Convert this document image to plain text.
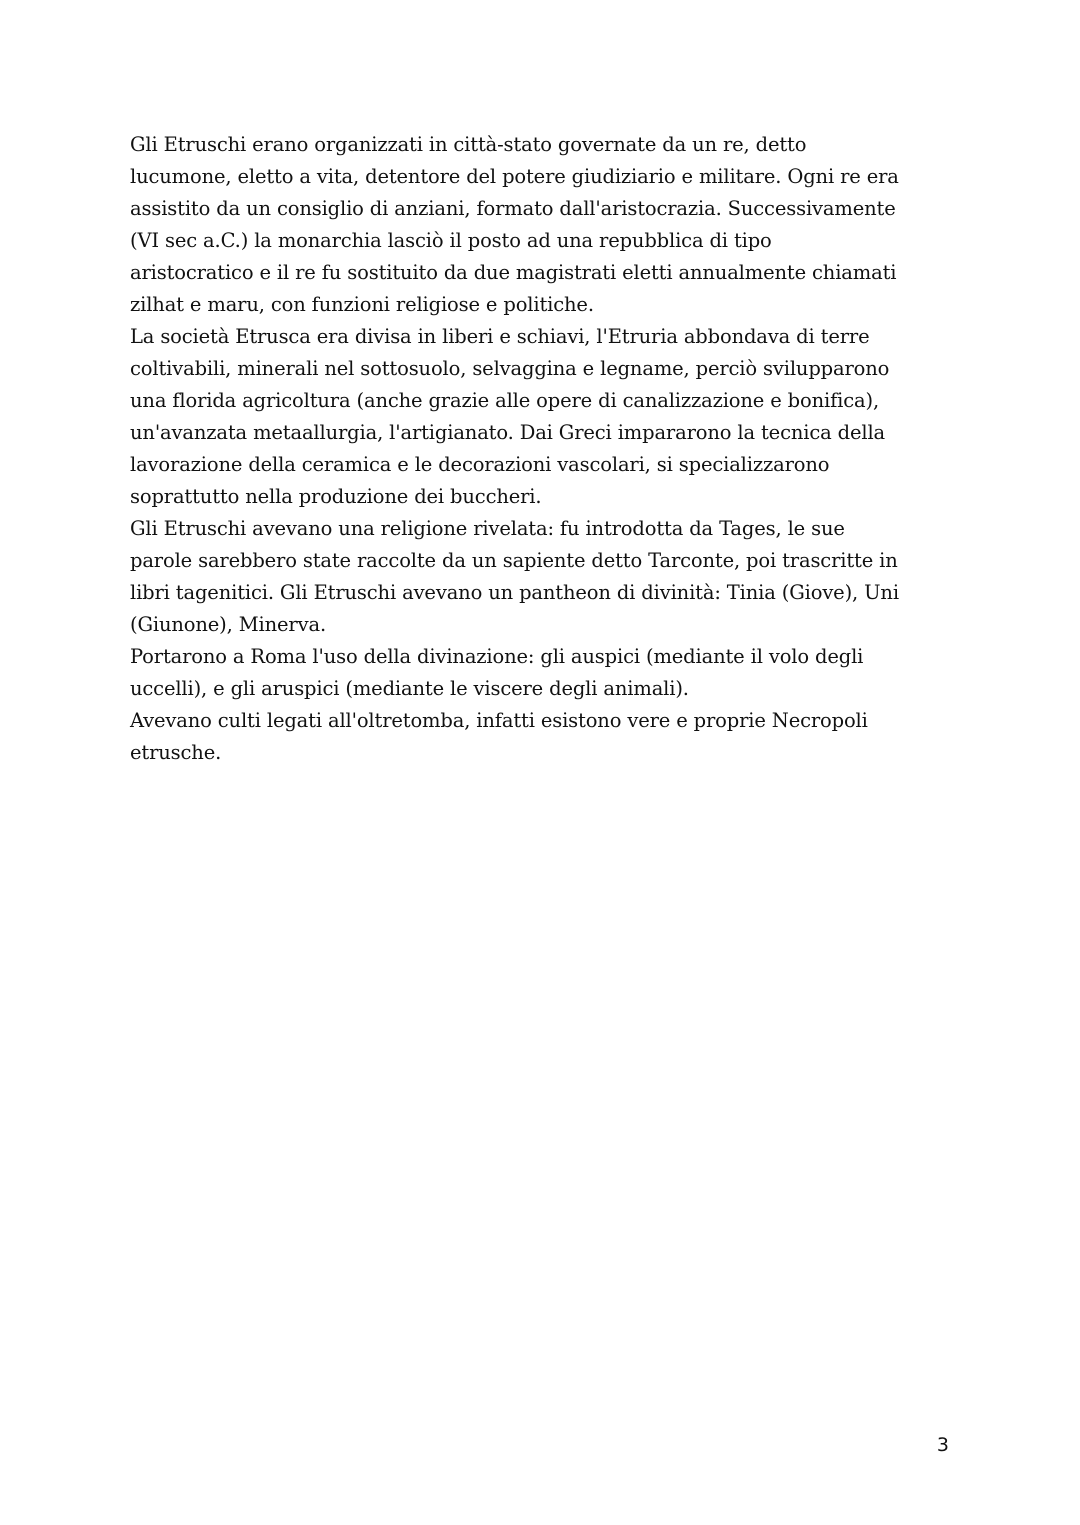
Gli Etruschi erano organizzati in città-stato governate da un re, detto
lucumone, eletto a vita, detentore del potere giudiziario e militare. Ogni re era
assistito da un consiglio di anziani, formato dall'aristocrazia. Successivamente
(VI sec a.C.) la monarchia lasciò il posto ad una repubblica di tipo
aristocratico e il re fu sostituito da due magistrati eletti annualmente chiamati
zilhat e maru, con funzioni religiose e politiche.
La società Etrusca era divisa in liberi e schiavi, l'Etruria abbondava di terre
coltivabili, minerali nel sottosuolo, selvaggina e legname, perciò svilupparono
una florida agricoltura (anche grazie alle opere di canalizzazione e bonifica),
un'avanzata metaallurgia, l'artigianato. Dai Greci impararono la tecnica della
lavorazione della ceramica e le decorazioni vascolari, si specializzarono
soprattutto nella produzione dei buccheri.
Gli Etruschi avevano una religione rivelata: fu introdotta da Tages, le sue
parole sarebbero state raccolte da un sapiente detto Tarconte, poi trascritte in
libri tagenitici. Gli Etruschi avevano un pantheon di divinità: Tinia (Giove), Uni
(Giunone), Minerva.
Portarono a Roma l'uso della divinazione: gli auspici (mediante il volo degli
uccelli), e gli aruspici (mediante le viscere degli animali).
Avevano culti legati all'oltretomba, infatti esistono vere e proprie Necropoli
etrusche.
3
